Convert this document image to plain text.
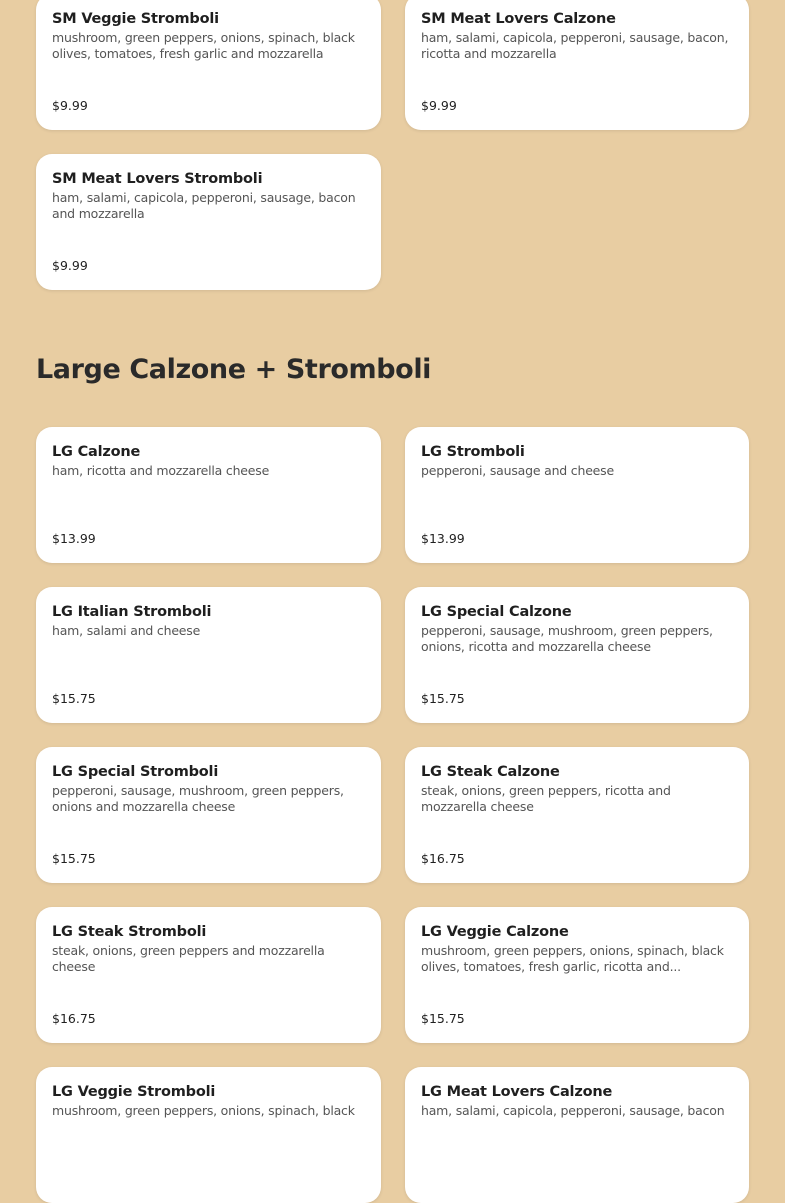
SM Veggie Stromboli
mushroom, green peppers, onions, spinach, black olives, tomatoes, fresh garlic and mozzarella
$9.99
SM Meat Lovers Calzone
ham, salami, capicola, pepperoni, sausage, bacon, ricotta and mozzarella
$9.99
SM Meat Lovers Stromboli
ham, salami, capicola, pepperoni, sausage, bacon and mozzarella
$9.99
Large Calzone + Stromboli
LG Calzone
ham, ricotta and mozzarella cheese
$13.99
LG Stromboli
pepperoni, sausage and cheese
$13.99
LG Italian Stromboli
ham, salami and cheese
$15.75
LG Special Calzone
pepperoni, sausage, mushroom, green peppers, onions, ricotta and mozzarella cheese
$15.75
LG Special Stromboli
pepperoni, sausage, mushroom, green peppers, onions and mozzarella cheese
$15.75
LG Steak Calzone
steak, onions, green peppers, ricotta and mozzarella cheese
$16.75
LG Steak Stromboli
steak, onions, green peppers and mozzarella cheese
$16.75
LG Veggie Calzone
mushroom, green peppers, onions, spinach, black olives, tomatoes, fresh garlic, ricotta and...
$15.75
LG Veggie Stromboli
mushroom, green peppers, onions, spinach, black
LG Meat Lovers Calzone
ham, salami, capicola, pepperoni, sausage, bacon
